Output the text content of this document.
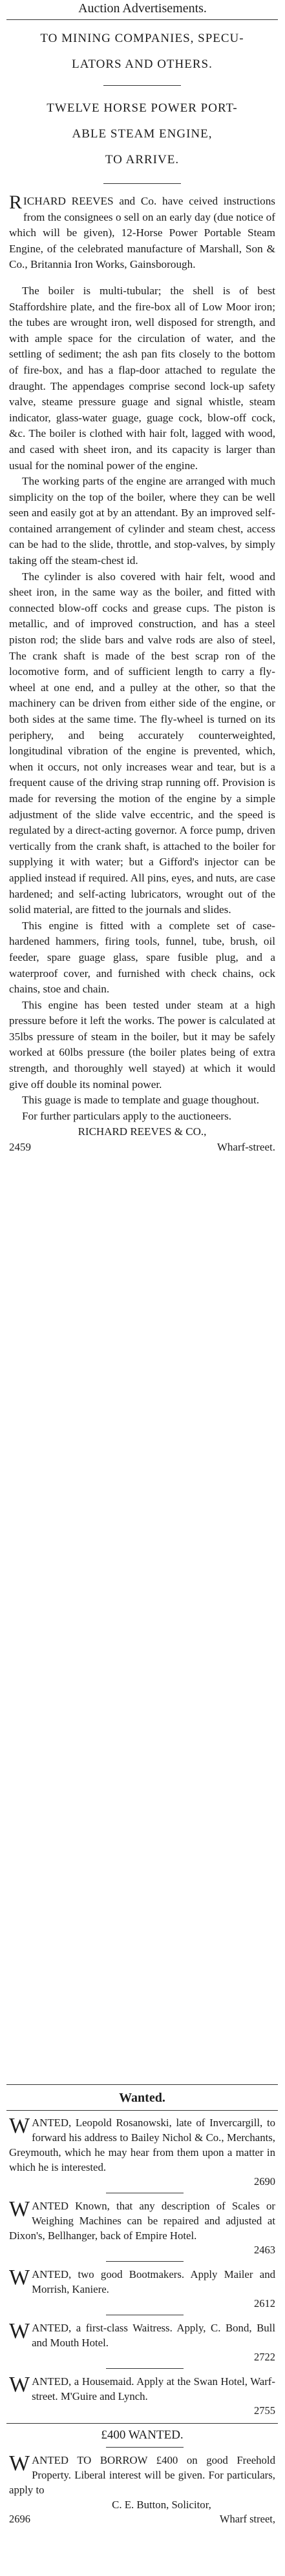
Auction Advertisements.
TO MINING COMPANIES, SPECU-
LATORS AND OTHERS.
TWELVE HORSE POWER PORT-
ABLE STEAM ENGINE,
TO ARRIVE.

RICHARD REEVES and Co. have ceived instructions from the consignees o sell on an early day (due notice of which will be given), 12-Horse Power Portable Steam Engine, of the celebrated manufacture of Marshall, Son & Co., Britannia Iron Works, Gainsborough.

The boiler is multi-tubular; the shell is of best Staffordshire plate, and the fire-box all of Low Moor iron; the tubes are wrought iron, well disposed for strength, and with ample space for the circulation of water, and the settling of sediment; the ash pan fits closely to the bottom of fire-box, and has a flap-door attached to regulate the draught. The appendages comprise second lock-up safety valve, steame pressure guage and signal whistle, steam indicator, glass-water guage, guage cock, blow-off cock, &c. The boiler is clothed with hair folt, lagged with wood, and cased with sheet iron, and its capacity is larger than usual for the nominal power of the engine.

The working parts of the engine are arranged with much simplicity on the top of the boiler, where they can be well seen and easily got at by an attendant. By an improved self-contained arrangement of cylinder and steam chest, access can be had to the slide, throttle, and stop-valves, by simply taking off the steam-chest id.

The cylinder is also covered with hair felt, wood and sheet iron, in the same way as the boiler, and fitted with connected blow-off cocks and grease cups. The piston is metallic, and of improved construction, and has a steel piston rod; the slide bars and valve rods are also of steel, The crank shaft is made of the best scrap ron of the locomotive form, and of sufficient length to carry a fly-wheel at one end, and a pulley at the other, so that the machinery can be driven from either side of the engine, or both sides at the same time. The fly-wheel is turned on its periphery, and being accurately counterweighted, longitudinal vibration of the engine is prevented, which, when it occurs, not only increases wear and tear, but is a frequent cause of the driving strap running off. Provision is made for reversing the motion of the engine by a simple adjustment of the slide valve eccentric, and the speed is regulated by a direct-acting governor. A force pump, driven vertically from the crank shaft, is attached to the boiler for supplying it with water; but a Gifford's injector can be applied instead if required. All pins, eyes, and nuts, are case hardened; and self-acting lubricators, wrought out of the solid material, are fitted to the journals and slides.

This engine is fitted with a complete set of case-hardened hammers, firing tools, funnel, tube, brush, oil feeder, spare guage glass, spare fusible plug, and a waterproof cover, and furnished with check chains, ock chains, stoe and chain.

This engine has been tested under steam at a high pressure before it left the works. The power is calculated at 35lbs pressure of steam in the boiler, but it may be safely worked at 60lbs pressure (the boiler plates being of extra strength, and thoroughly well stayed) at which it would give off double its nominal power.

This guage is made to template and guage thoughout.

For further particulars apply to the auctioneers.

RICHARD REEVES & CO.,
2459	Wharf-street.
Wanted.

WANTED, Leopold Rosanowski, late of Invercargill, to forward his address to Bailey Nichol & Co., Merchants, Greymouth, which he may hear from them upon a matter in which he is interested.

2690

WANTED Known, that any description of Scales or Weighing Machines can be repaired and adjusted at Dixon's, Bellhanger, back of Empire Hotel.

2463

WANTED, two good Bootmakers. Apply Mailer and Morrish, Kaniere.

2612

WANTED, a first-class Waitress. Apply, C. Bond, Bull and Mouth Hotel.

2722

WANTED, a Housemaid. Apply at the Swan Hotel, Warf-street. M'Guire and Lynch.

2755
£400 WANTED.

WANTED TO BORROW £400 on good Freehold Property. Liberal interest will be given. For particulars, apply to

C. E. Button, Solicitor,
2696	Wharf street,
